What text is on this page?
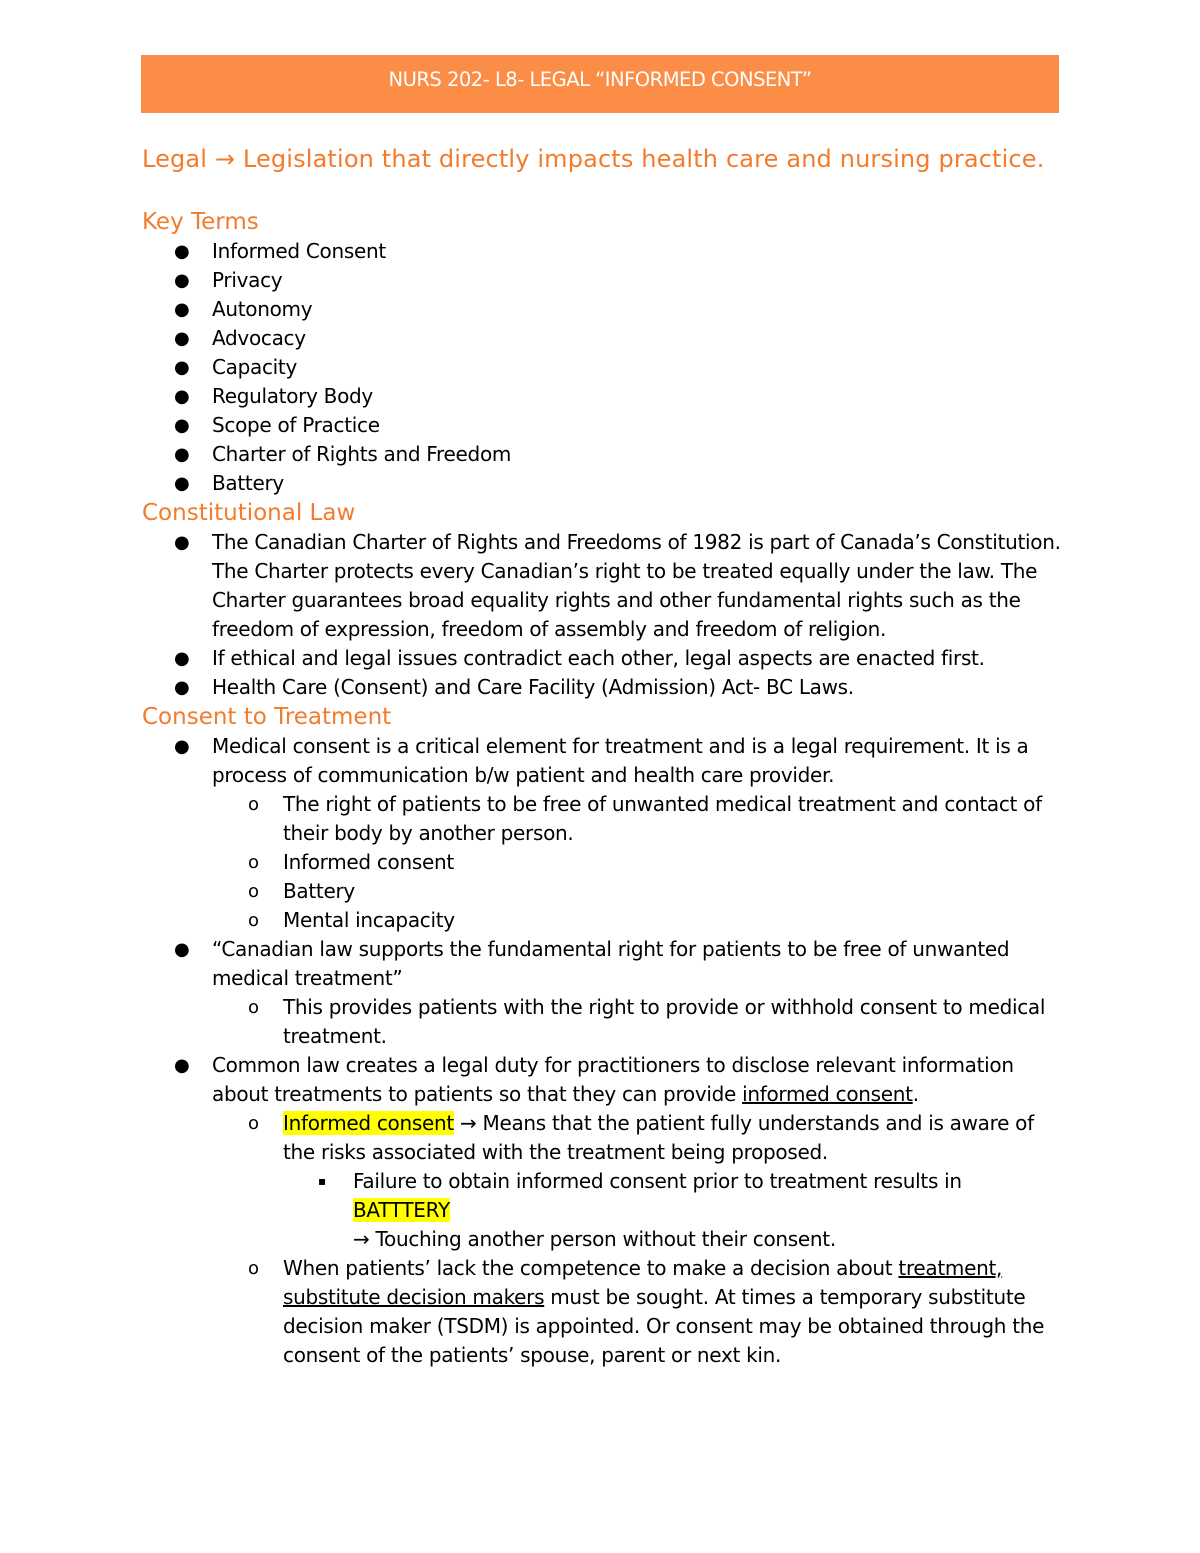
NURS 202- L8- LEGAL “INFORMED CONSENT”

Legal → Legislation that directly impacts health care and nursing practice.

Key Terms
● Informed Consent
● Privacy
● Autonomy
● Advocacy
● Capacity
● Regulatory Body
● Scope of Practice
● Charter of Rights and Freedom
● Battery
Constitutional Law
● The Canadian Charter of Rights and Freedoms of 1982 is part of Canada’s Constitution. The Charter protects every Canadian’s right to be treated equally under the law. The Charter guarantees broad equality rights and other fundamental rights such as the freedom of expression, freedom of assembly and freedom of religion.
● If ethical and legal issues contradict each other, legal aspects are enacted first.
● Health Care (Consent) and Care Facility (Admission) Act- BC Laws.
Consent to Treatment
● Medical consent is a critical element for treatment and is a legal requirement. It is a process of communication b/w patient and health care provider.
o The right of patients to be free of unwanted medical treatment and contact of their body by another person.
o Informed consent
o Battery
o Mental incapacity
● “Canadian law supports the fundamental right for patients to be free of unwanted medical treatment”
o This provides patients with the right to provide or withhold consent to medical treatment.
● Common law creates a legal duty for practitioners to disclose relevant information about treatments to patients so that they can provide informed consent.
o Informed consent → Means that the patient fully understands and is aware of the risks associated with the treatment being proposed.
▪ Failure to obtain informed consent prior to treatment results in BATTTERY
→ Touching another person without their consent.
o When patients’ lack the competence to make a decision about treatment, substitute decision makers must be sought. At times a temporary substitute decision maker (TSDM) is appointed. Or consent may be obtained through the consent of the patients’ spouse, parent or next kin.
